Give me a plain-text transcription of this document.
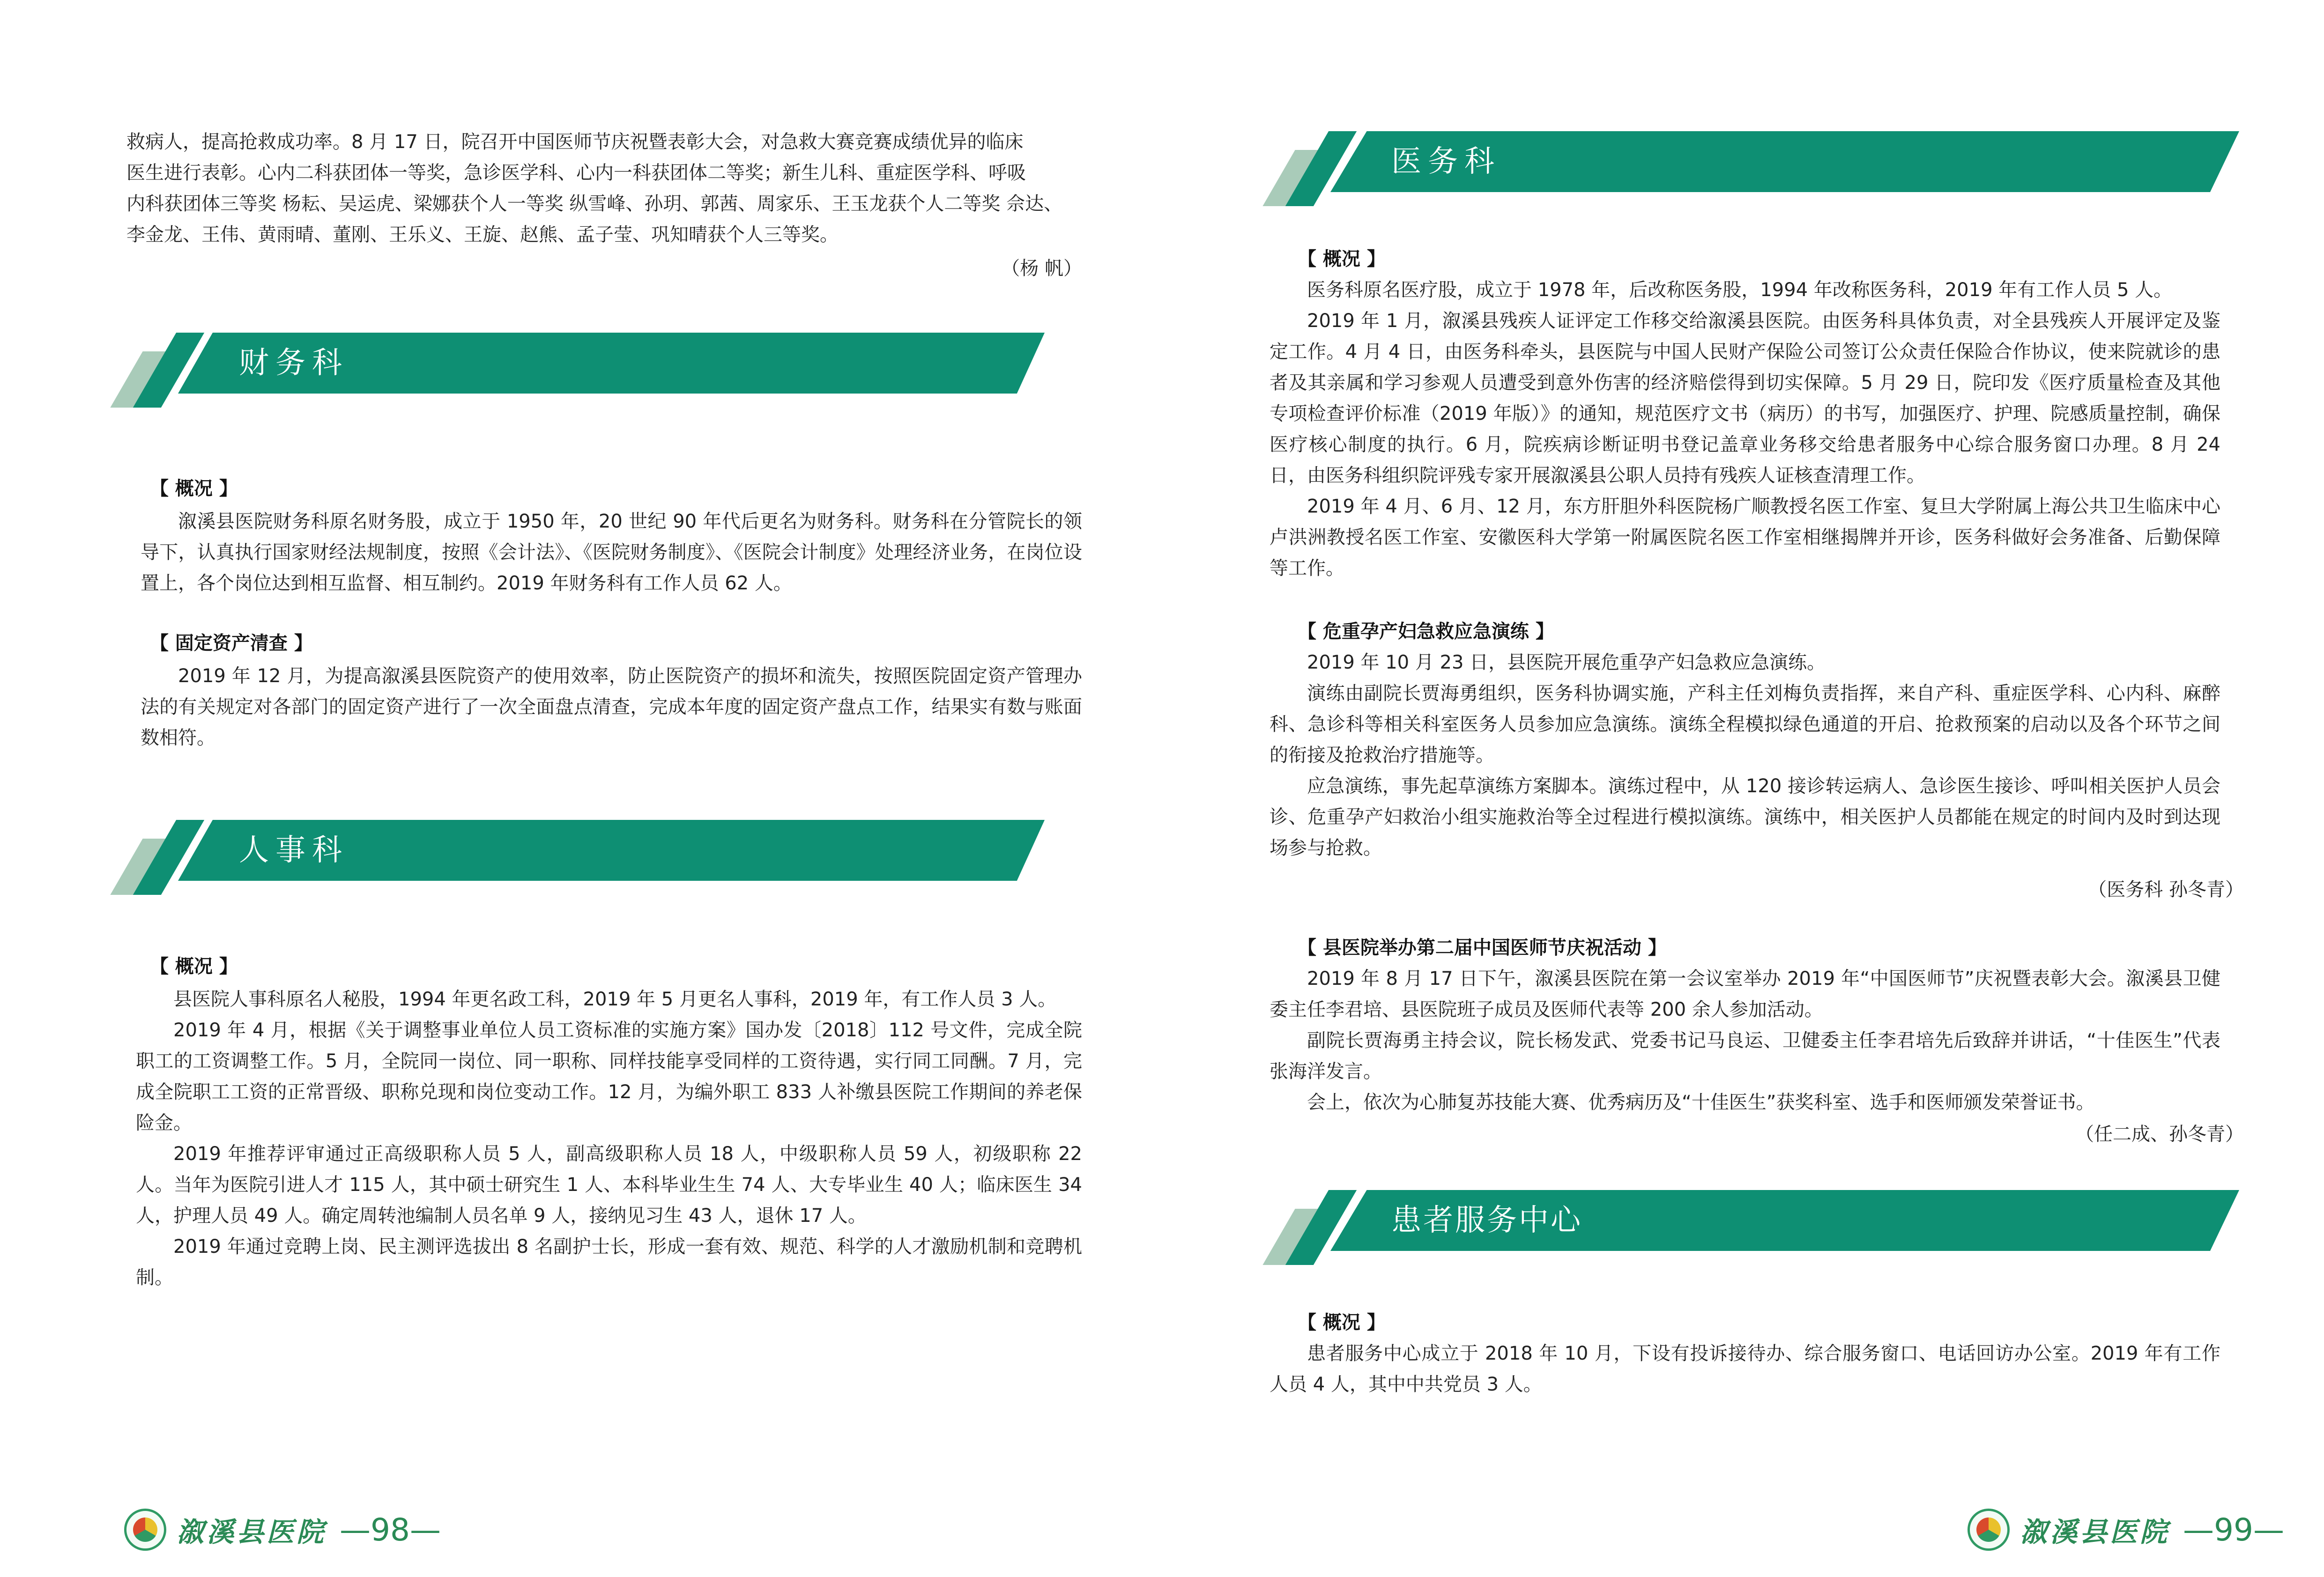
救病人，提高抢救成功率。8 月 17 日，院召开中国医师节庆祝暨表彰大会，对急救大赛竞赛成绩优异的临床
医生进行表彰。心内二科获团体一等奖，急诊医学科、心内一科获团体二等奖；新生儿科、重症医学科、呼吸
内科获团体三等奖 杨耘、吴运虎、梁娜获个人一等奖 纵雪峰、孙玥、郭茜、周家乐、王玉龙获个人二等奖 佘达、
李金龙、王伟、黄雨晴、董刚、王乐义、王旋、赵熊、孟子莹、巩知晴获个人三等奖。
（杨 帆）
财务科
【 概况 】

溆溪县医院财务科原名财务股，成立于 1950 年，20 世纪 90 年代后更名为财务科。财务科在分管院长的领导下，认真执行国家财经法规制度，按照《会计法》、《医院财务制度》、《医院会计制度》处理经济业务，在岗位设置上，各个岗位达到相互监督、相互制约。2019 年财务科有工作人员 62 人。

【 固定资产清查 】

2019 年 12 月，为提高溆溪县医院资产的使用效率，防止医院资产的损坏和流失，按照医院固定资产管理办法的有关规定对各部门的固定资产进行了一次全面盘点清查，完成本年度的固定资产盘点工作，结果实有数与账面数相符。

人事科
【 概况 】

县医院人事科原名人秘股，1994 年更名政工科，2019 年 5 月更名人事科，2019 年，有工作人员 3 人。

2019 年 4 月，根据《关于调整事业单位人员工资标准的实施方案》国办发〔2018〕112 号文件，完成全院职工的工资调整工作。5 月，全院同一岗位、同一职称、同样技能享受同样的工资待遇，实行同工同酬。7 月，完成全院职工工资的正常晋级、职称兑现和岗位变动工作。12 月，为编外职工 833 人补缴县医院工作期间的养老保险金。

2019 年推荐评审通过正高级职称人员 5 人，副高级职称人员 18 人，中级职称人员 59 人，初级职称 22 人。当年为医院引进人才 115 人，其中硕士研究生 1 人、本科毕业生生 74 人、大专毕业生 40 人；临床医生 34 人，护理人员 49 人。确定周转池编制人员名单 9 人，接纳见习生 43 人，退休 17 人。

2019 年通过竞聘上岗、民主测评选拔出 8 名副护士长，形成一套有效、规范、科学的人才激励机制和竞聘机制。

溆溪县医院 —98—
医务科
【 概况 】

医务科原名医疗股，成立于 1978 年，后改称医务股，1994 年改称医务科，2019 年有工作人员 5 人。

2019 年 1 月，溆溪县残疾人证评定工作移交给溆溪县医院。由医务科具体负责，对全县残疾人开展评定及鉴定工作。4 月 4 日，由医务科牵头，县医院与中国人民财产保险公司签订公众责任保险合作协议，使来院就诊的患者及其亲属和学习参观人员遭受到意外伤害的经济赔偿得到切实保障。5 月 29 日，院印发《医疗质量检查及其他专项检查评价标准（2019 年版）》的通知，规范医疗文书（病历）的书写，加强医疗、护理、院感质量控制，确保医疗核心制度的执行。6 月，院疾病诊断证明书登记盖章业务移交给患者服务中心综合服务窗口办理。8 月 24 日，由医务科组织院评残专家开展溆溪县公职人员持有残疾人证核查清理工作。

2019 年 4 月、6 月、12 月，东方肝胆外科医院杨广顺教授名医工作室、复旦大学附属上海公共卫生临床中心卢洪洲教授名医工作室、安徽医科大学第一附属医院名医工作室相继揭牌并开诊，医务科做好会务准备、后勤保障等工作。

【 危重孕产妇急救应急演练 】

2019 年 10 月 23 日，县医院开展危重孕产妇急救应急演练。

演练由副院长贾海勇组织，医务科协调实施，产科主任刘梅负责指挥，来自产科、重症医学科、心内科、麻醉科、急诊科等相关科室医务人员参加应急演练。演练全程模拟绿色通道的开启、抢救预案的启动以及各个环节之间的衔接及抢救治疗措施等。

应急演练，事先起草演练方案脚本。演练过程中，从 120 接诊转运病人、急诊医生接诊、呼叫相关医护人员会诊、危重孕产妇救治小组实施救治等全过程进行模拟演练。演练中，相关医护人员都能在规定的时间内及时到达现场参与抢救。

（医务科 孙冬青）
【 县医院举办第二届中国医师节庆祝活动 】

2019 年 8 月 17 日下午，溆溪县医院在第一会议室举办 2019 年“中国医师节”庆祝暨表彰大会。溆溪县卫健委主任李君培、县医院班子成员及医师代表等 200 余人参加活动。

副院长贾海勇主持会议，院长杨发武、党委书记马良运、卫健委主任李君培先后致辞并讲话，“十佳医生”代表张海洋发言。

会上，依次为心肺复苏技能大赛、优秀病历及“十佳医生”获奖科室、选手和医师颁发荣誉证书。

（任二成、孙冬青）
患者服务中心
【 概况 】

患者服务中心成立于 2018 年 10 月，下设有投诉接待办、综合服务窗口、电话回访办公室。2019 年有工作人员 4 人，其中中共党员 3 人。

溆溪县医院 —99—
